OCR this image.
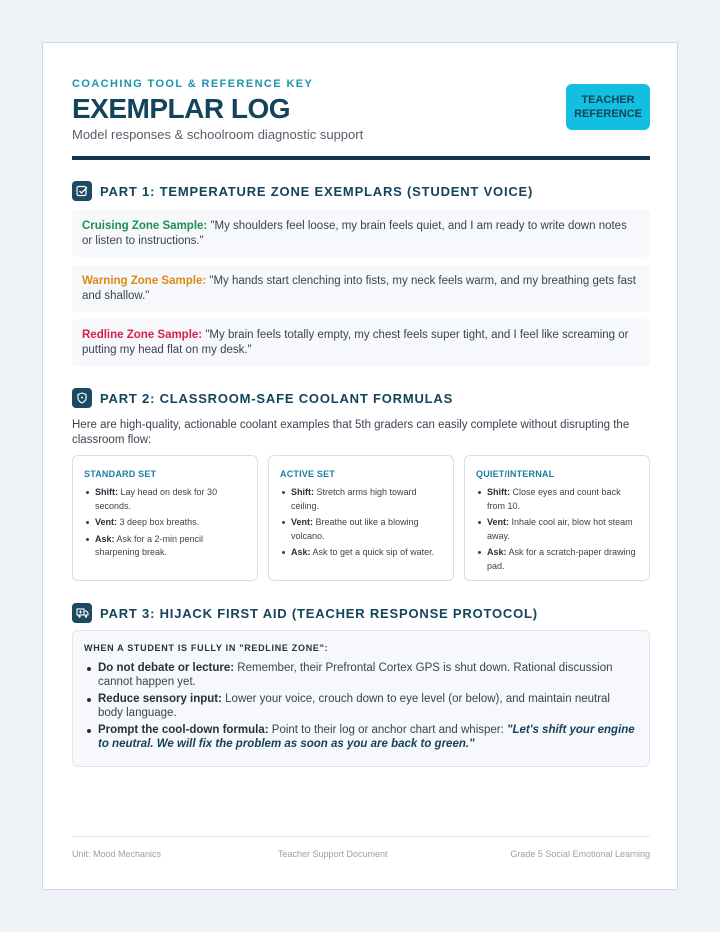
COACHING TOOL & REFERENCE KEY
EXEMPLAR LOG
Model responses & schoolroom diagnostic support
TEACHER
REFERENCE
PART 1: TEMPERATURE ZONE EXEMPLARS (STUDENT VOICE)
Cruising Zone Sample: "My shoulders feel loose, my brain feels quiet, and I am ready to write down notes or listen to instructions."
Warning Zone Sample: "My hands start clenching into fists, my neck feels warm, and my breathing gets fast and shallow."
Redline Zone Sample: "My brain feels totally empty, my chest feels super tight, and I feel like screaming or putting my head flat on my desk."
PART 2: CLASSROOM-SAFE COOLANT FORMULAS
Here are high-quality, actionable coolant examples that 5th graders can easily complete without disrupting the classroom flow:
STANDARD SET
Shift: Lay head on desk for 30 seconds.
Vent: 3 deep box breaths.
Ask: Ask for a 2-min pencil sharpening break.
ACTIVE SET
Shift: Stretch arms high toward ceiling.
Vent: Breathe out like a blowing volcano.
Ask: Ask to get a quick sip of water.
QUIET/INTERNAL
Shift: Close eyes and count back from 10.
Vent: Inhale cool air, blow hot steam away.
Ask: Ask for a scratch-paper drawing pad.
PART 3: HIJACK FIRST AID (TEACHER RESPONSE PROTOCOL)
WHEN A STUDENT IS FULLY IN "REDLINE ZONE":
Do not debate or lecture: Remember, their Prefrontal Cortex GPS is shut down. Rational discussion cannot happen yet.
Reduce sensory input: Lower your voice, crouch down to eye level (or below), and maintain neutral body language.
Prompt the cool-down formula: Point to their log or anchor chart and whisper: "Let's shift your engine to neutral. We will fix the problem as soon as you are back to green."
Unit: Mood Mechanics	Teacher Support Document	Grade 5 Social Emotional Learning
